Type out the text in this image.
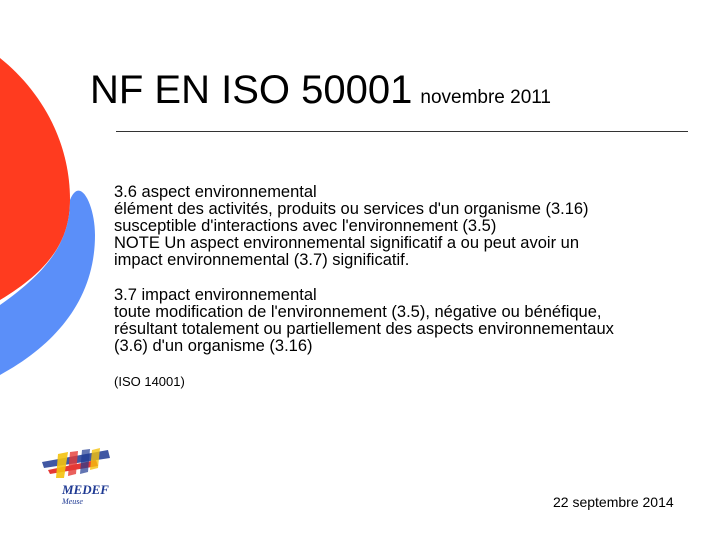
NF EN ISO 50001 novembre 2011

3.6 aspect environnemental

élément des activités, produits ou services d'un organisme (3.16)

susceptible d'interactions avec l'environnement (3.5)

NOTE Un aspect environnemental significatif a ou peut avoir un

impact environnemental (3.7) significatif.

3.7 impact environnemental

toute modification de l'environnement (3.5), négative ou bénéfique,

résultant totalement ou partiellement des aspects environnementaux

(3.6) d'un organisme (3.16)

(ISO 14001)

MEDEF
Meuse	22 septembre 2014
